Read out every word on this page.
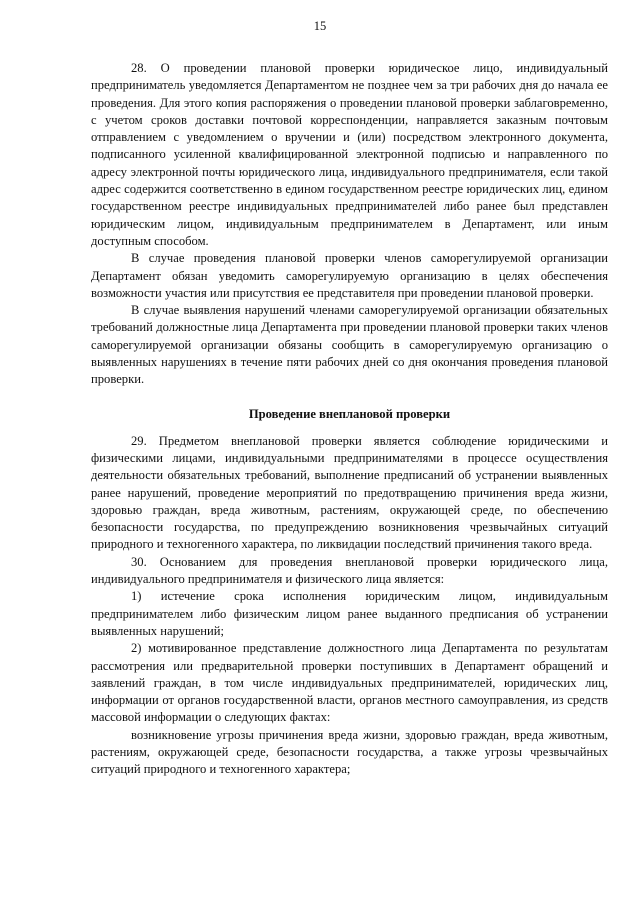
15

28. О проведении плановой проверки юридическое лицо, индивидуальный предприниматель уведомляется Департаментом не позднее чем за три рабочих дня до начала ее проведения. Для этого копия распоряжения о проведении плановой проверки заблаговременно, с учетом сроков доставки почтовой корреспонденции, направляется заказным почтовым отправлением с уведомлением о вручении и (или) посредством электронного документа, подписанного усиленной квалифицированной электронной подписью и направленного по адресу электронной почты юридического лица, индивидуального предпринимателя, если такой адрес содержится соответственно в едином государственном реестре юридических лиц, едином государственном реестре индивидуальных предпринимателей либо ранее был представлен юридическим лицом, индивидуальным предпринимателем в Департамент, или иным доступным способом.

В случае проведения плановой проверки членов саморегулируемой организации Департамент обязан уведомить саморегулируемую организацию в целях обеспечения возможности участия или присутствия ее представителя при проведении плановой проверки.

В случае выявления нарушений членами саморегулируемой организации обязательных требований должностные лица Департамента при проведении плановой проверки таких членов саморегулируемой организации обязаны сообщить в саморегулируемую организацию о выявленных нарушениях в течение пяти рабочих дней со дня окончания проведения плановой проверки.

Проведение внеплановой проверки

29. Предметом внеплановой проверки является соблюдение юридическими и физическими лицами, индивидуальными предпринимателями в процессе осуществления деятельности обязательных требований, выполнение предписаний об устранении выявленных ранее нарушений, проведение мероприятий по предотвращению причинения вреда жизни, здоровью граждан, вреда животным, растениям, окружающей среде, по обеспечению безопасности государства, по предупреждению возникновения чрезвычайных ситуаций природного и техногенного характера, по ликвидации последствий причинения такого вреда.

30. Основанием для проведения внеплановой проверки юридического лица, индивидуального предпринимателя и физического лица является:

1) истечение срока исполнения юридическим лицом, индивидуальным предпринимателем либо физическим лицом ранее выданного предписания об устранении выявленных нарушений;

2) мотивированное представление должностного лица Департамента по результатам рассмотрения или предварительной проверки поступивших в Департамент обращений и заявлений граждан, в том числе индивидуальных предпринимателей, юридических лиц, информации от органов государственной власти, органов местного самоуправления, из средств массовой информации о следующих фактах:

возникновение угрозы причинения вреда жизни, здоровью граждан, вреда животным, растениям, окружающей среде, безопасности государства, а также угрозы чрезвычайных ситуаций природного и техногенного характера;
